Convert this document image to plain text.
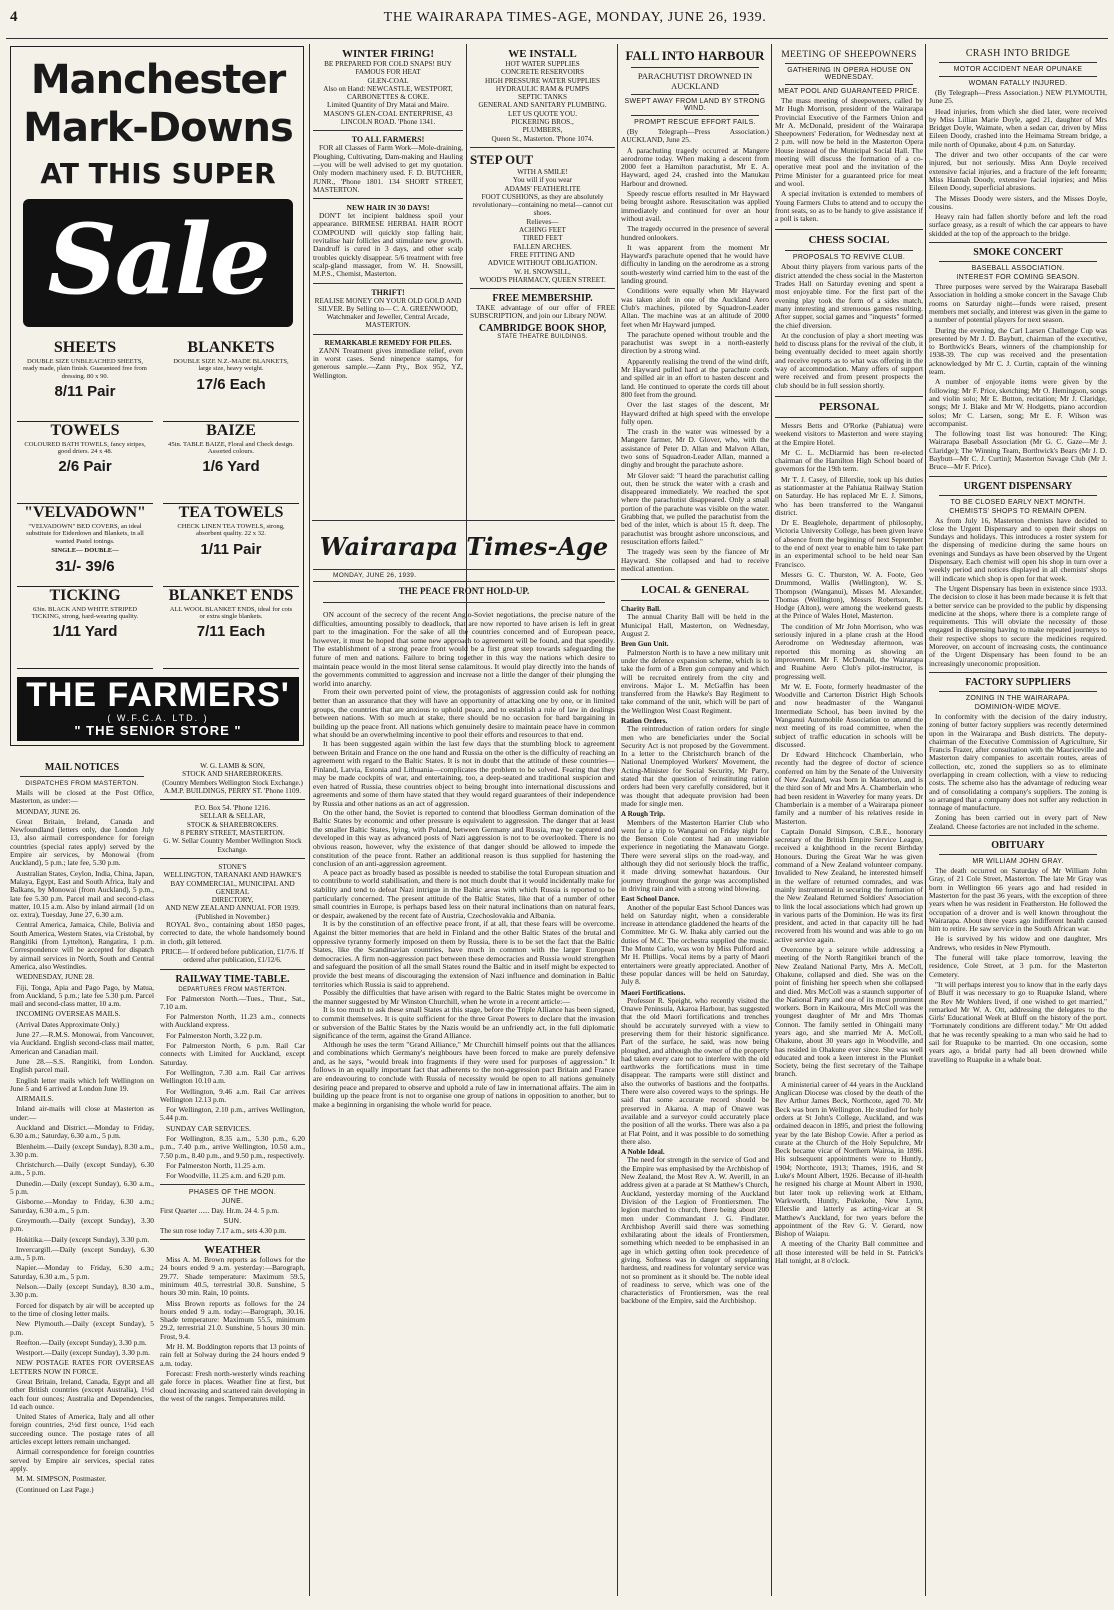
4	THE WAIRARAPA TIMES-AGE, MONDAY, JUNE 26, 1939.
Manchester
Mark-Downs
AT THIS SUPER
Sale
SHEETS
DOUBLE SIZE UNBLEACHED SHEETS, ready made, plain finish. Guaranteed free from dressing. 80 x 90.
8/11 Pair
BLANKETS
DOUBLE SIZE N.Z.-MADE BLANKETS, large size, heavy weight.
17/6 Each
TOWELS
COLOURED BATH TOWELS, fancy stripes, good driers. 24 x 48.
2/6 Pair
BAIZE
45in. TABLE BAIZE, Floral and Check design. Assorted colours.
1/6 Yard
"VELVADOWN"
"VELVADOWN" BED COVERS, an ideal substitute for Eiderdown and Blankets, in all wanted Pastel tonings.
SINGLE— DOUBLE—
31/- 39/6
TEA TOWELS
CHECK LINEN TEA TOWELS, strong, absorbent quality. 22 x 32.
1/11 Pair
TICKING
63in. BLACK AND WHITE STRIPED TICKING, strong, hard-wearing quality.
1/11 Yard
BLANKET ENDS
ALL WOOL BLANKET ENDS, ideal for cots or extra single blankets.
7/11 Each
THE FARMERS'
( W.F.C.A. LTD. )
" THE SENIOR STORE "
MAIL NOTICES
DISPATCHES FROM MASTERTON.

Mails will be closed at the Post Office, Masterton, as under:—

MONDAY, JUNE 26.

Great Britain, Ireland, Canada and Newfoundland (letters only, due London July 13, also airmail correspondence for foreign countries (special rates apply) served by the Empire air services, by Monowai (from Auckland), 5 p.m.; late fee, 5.30 p.m.

Australian States, Ceylon, India, China, Japan, Malaya, Egypt, East and South Africa, Italy and Balkans, by Monowai (from Auckland), 5 p.m., late fee 5.30 p.m. Parcel mail and second-class matter, 10.15 a.m. Also by inland airmail (1d on oz. extra), Tuesday, June 27, 6.30 a.m.

Central America, Jamaica, Chile, Bolivia and South America, Western States, via Cristobal, by Rangitiki (from Lyttelton), Rangatira, 1 p.m. Correspondence will be accepted for dispatch by airmail services in North, South and Central America, also Westindies.

WEDNESDAY, JUNE 28.

Fiji, Tonga, Apia and Pago Pago, by Matua, from Auckland, 5 p.m.; late fee 5.30 p.m. Parcel mail and second-class matter, 10 a.m.

INCOMING OVERSEAS MAILS.

(Arrival Dates Approximate Only.)

June 27.—R.M.S. Monowai, from Vancouver, via Auckland. English second-class mail matter, American and Canadian mail.

June 28.—S.S. Rangitiki, from London. English parcel mail.

English letter mails which left Wellington on June 5 and 6 arrived at London June 19.

AIRMAILS.

Inland air-mails will close at Masterton as under:—

Auckland and District.—Monday to Friday, 6.30 a.m.; Saturday, 6.30 a.m., 5 p.m.

Blenheim.—Daily (except Sunday), 8.30 a.m., 3.30 p.m.

Christchurch.—Daily (except Sunday), 6.30 a.m., 5 p.m.

Dunedin.—Daily (except Sunday), 6.30 a.m., 5 p.m.

Gisborne.—Monday to Friday, 6.30 a.m.; Saturday, 6.30 a.m., 5 p.m.

Greymouth.—Daily (except Sunday), 3.30 p.m.

Hokitika.—Daily (except Sunday), 3.30 p.m.

Invercargill.—Daily (except Sunday), 6.30 a.m., 5 p.m.

Napier.—Monday to Friday, 6.30 a.m.; Saturday, 6.30 a.m., 5 p.m.

Nelson.—Daily (except Sunday), 8.30 a.m., 3.30 p.m.

Forced for dispatch by air will be accepted up to the time of closing letter mails.

New Plymouth.—Daily (except Sunday), 5 p.m.

Reefton.—Daily (except Sunday), 3.30 p.m.

Westport.—Daily (except Sunday), 3.30 p.m.

NEW POSTAGE RATES FOR OVERSEAS LETTERS NOW IN FORCE.

Great Britain, Ireland, Canada, Egypt and all other British countries (except Australia), 1½d each four ounces; Australia and Dependencies, 1d each ounce.

United States of America, Italy and all other foreign countries, 2½d first ounce, 1½d each succeeding ounce. The postage rates of all articles except letters remain unchanged.

Airmail correspondence for foreign countries served by Empire air services, special rates apply.

M. M. SIMPSON, Postmaster.

(Continued on Last Page.)

WINTER FIRING!
BE PREPARED FOR COLD SNAPS! BUY FAMOUS FOR HEAT
GLEN-COAL
Also on Hand: NEWCASTLE, WESTPORT, CARBONETTES & COKE.
Limited Quantity of Dry Matai and Maire.
MASON'S GLEN-COAL ENTERPRISE, 43 LINCOLN ROAD. 'Phone 1341.
TO ALL FARMERS!

FOR all Classes of Farm Work—Mole-draining, Ploughing, Cultivating, Dam-making and Hauling—you will be well advised to get my quotation. Only modern machinery used. F. D. BUTCHER, JUNR., 'Phone 1801. 134 SHORT STREET, MASTERTON.

NEW HAIR IN 30 DAYS!

DON'T let incipient baldness spoil your appearance. BIRMESE HERBAL HAIR ROOT COMPOUND will quickly stop falling hair, revitalise hair follicles and stimulate new growth. Dandruff is cured in 3 days, and other scalp troubles quickly disappear. 5/6 treatment with free scalp-gland massager, from W. H. Snowsill, M.P.S., Chemist, Masterton.

THRIFT!

REALISE MONEY ON YOUR OLD GOLD AND SILVER. By Selling to— C. A. GREENWOOD, Watchmaker and Jeweller, Central Arcade, MASTERTON.

REMARKABLE REMEDY FOR PILES.

ZANN Treatment gives immediate relief, even in worst cases. Send ninepence stamps, for generous sample.—Zann Pty., Box 952, YZ, Wellington.

WE INSTALL
HOT WATER SUPPLIES
CONCRETE RESERVOIRS
HIGH PRESSURE WATER SUPPLIES
HYDRAULIC RAM & PUMPS
SEPTIC TANKS
GENERAL AND SANITARY PLUMBING.
LET US QUOTE YOU.
PICKERING BROS.,
PLUMBERS,
Queen St., Masterton. 'Phone 1074.
STEP OUT
WITH A SMILE!
You will if you wear
ADAMS' FEATHERLITE
FOOT CUSHIONS, as they are absolutely revolutionary—containing no metal—cannot cut shoes.
Relieves—
ACHING FEET
TIRED FEET
FALLEN ARCHES.
FREE FITTING AND
ADVICE WITHOUT OBLIGATION.
W. H. SNOWSILL,
WOOD'S PHARMACY, QUEEN STREET.
FREE MEMBERSHIP.

TAKE advantage of our offer of FREE SUBSCRIPTION, and join our Library NOW.

CAMBRIDGE BOOK SHOP,
STATE THEATRE BUILDINGS.
Wairarapa Times-Age
MONDAY, JUNE 26, 1939.
THE PEACE FRONT HOLD-UP.

ON account of the secrecy of the recent Anglo-Soviet negotiations, the precise nature of the difficulties, amounting possibly to deadlock, that are now reported to have arisen is left in great part to the imagination. For the sake of all the countries concerned and of European peace, however, it must be hoped that some new approach to agreement will be found, and that speedily. The establishment of a strong peace front would be a first great step towards safeguarding the future of men and nations. Failure to bring together in this way the nations which desire to maintain peace would in the most literal sense calamitous. It would play directly into the hands of the governments committed to aggression and increase not a little the danger of their plunging the world into anarchy.

From their own perverted point of view, the protagonists of aggression could ask for nothing better than an assurance that they will have an opportunity of attacking one by one, or in limited groups, the countries that are anxious to uphold peace, and to establish a rule of law in dealings between nations. With so much at stake, there should be no occasion for hard bargaining in building up the peace front. All nations which genuinely desire to maintain peace have in common what should be an overwhelming incentive to pool their efforts and resources to that end.

It has been suggested again within the last few days that the stumbling block to agreement between Britain and France on the one hand and Russia on the other is the difficulty of reaching an agreement with regard to the Baltic States. It is not in doubt that the attitude of these countries—Finland, Latvia, Estonia and Lithuania—complicates the problem to be solved. Fearing that they may be made cockpits of war, and entertaining, too, a deep-seated and traditional suspicion and even hatred of Russia, these countries object to being brought into international discussions and agreements and some of them have stated that they would regard guarantees of their independence by Russia and other nations as an act of aggression.

On the other hand, the Soviet is reported to contend that bloodless German domination of the Baltic States by economic and other pressure is equivalent to aggression. The danger that at least the smaller Baltic States, lying, with Poland, between Germany and Russia, may be captured and developed in this way as advanced posts of Nazi aggression is not to be overlooked. There is no obvious reason, however, why the existence of that danger should be allowed to impede the constitution of the peace front. Rather an additional reason is thus supplied for hastening the conclusion of an anti-aggression agreement.

A peace pact as broadly based as possible is needed to stabilise the total European situation and to contribute to world stabilisation, and there is not much doubt that it would incidentally make for stability and tend to defeat Nazi intrigue in the Baltic areas with which Russia is reported to be particularly concerned. The present attitude of the Baltic States, like that of a number of other small countries in Europe, is perhaps based less on their natural inclinations than on natural fears, or despair, awakened by the recent fate of Austria, Czechoslovakia and Albania.

It is by the constitution of an effective peace front, if at all, that these fears will be overcome. Against the bitter memories that are held in Finland and the other Baltic States of the brutal and oppressive tyranny formerly imposed on them by Russia, there is to be set the fact that the Baltic States, like the Scandinavian countries, have much in common with the larger European democracies. A firm non-aggression pact between these democracies and Russia would strengthen and safeguard the position of all the small States round the Baltic and in itself might be expected to provide the best means of discouraging the extension of Nazi influence and domination in Baltic territories which Russia is said to apprehend.

Possibly the difficulties that have arisen with regard to the Baltic States might be overcome in the manner suggested by Mr Winston Churchill, when he wrote in a recent article:—

It is too much to ask these small States at this stage, before the Triple Alliance has been signed, to commit themselves. It is quite sufficient for the three Great Powers to declare that the invasion or subversion of the Baltic States by the Nazis would be an unfriendly act, in the full diplomatic significance of the term, against the Grand Alliance.

Although he uses the term "Grand Alliance," Mr Churchill himself points out that the alliances and combinations which Germany's neighbours have been forced to make are purely defensive and, as he says, "would break into fragments if they were used for purposes of aggression." It follows in an equally important fact that adherents to the non-aggression pact Britain and France are endeavouring to conclude with Russia of necessity would be open to all nations genuinely desiring peace and prepared to observe and uphold a rule of law in international affairs. The aim in building up the peace front is not to organise one group of nations in opposition to another, but to make a beginning in organising the whole world for peace.

W. G. LAMB & SON,
STOCK AND SHAREBROKERS.
(Country Members Wellington Stock Exchange.)
A.M.P. BUILDINGS, PERRY ST. 'Phone 1109.
P.O. Box 54. 'Phone 1216.
SELLAR & SELLAR,
STOCK & SHAREBROKERS.
8 PERRY STREET, MASTERTON.
G. W. Sellar Country Member Wellington Stock Exchange.
STONE'S
WELLINGTON, TARANAKI AND HAWKE'S BAY COMMERCIAL, MUNICIPAL AND GENERAL
DIRECTORY,
AND NEW ZEALAND ANNUAL FOR 1939.
(Published in November.)

ROYAL 8vo., containing about 1850 pages, corrected to date, the whole handsomely bound in cloth, gilt lettered.

PRICE— If ordered before publication, £1/7/6. If ordered after publication, £1/12/6.

RAILWAY TIME-TABLE.
DEPARTURES FROM MASTERTON.

For Palmerston North.—Tues., Thur., Sat., 7.10 a.m.

For Palmerston North, 11.23 a.m., connects with Auckland express.

For Palmerston North, 3.22 p.m.

For Palmerston North, 6 p.m. Rail Car connects with Limited for Auckland, except Saturday.

For Wellington, 7.30 a.m. Rail Car arrives Wellington 10.10 a.m.

For Wellington, 9.46 a.m. Rail Car arrives Wellington 12.13 p.m.

For Wellington, 2.10 p.m., arrives Wellington, 5.44 p.m.

SUNDAY CAR SERVICES.

For Wellington, 8.35 a.m., 5.30 p.m., 6.20 p.m., 7.40 p.m., arrive Wellington, 10.50 a.m., 7.50 p.m., 8.40 p.m., and 9.50 p.m., respectively.

For Palmerston North, 11.25 a.m.

For Woodville, 11.25 a.m. and 6.20 p.m.

PHASES OF THE MOON.
JUNE.

First Quarter ...... Day. Hr.m. 24 4. 5 p.m.

SUN.

The sun rose today 7.17 a.m., sets 4.30 p.m.

WEATHER

Miss A. M. Brown reports as follows for the 24 hours ended 9 a.m. yesterday:—Barograph, 29.77. Shade temperature: Maximum 59.5, minimum 40.5, terrestrial 30.8. Sunshine, 5 hours 30 min. Rain, 10 points.

Miss Brown reports as follows for the 24 hours ended 9 a.m. today:—Barograph, 30.16. Shade temperature: Maximum 55.5, minimum 29.2, terrestrial 21.0. Sunshine, 5 hours 30 min. Frost, 9.4.

Mr H. M. Boddington reports that 13 points of rain fell at Solway during the 24 hours ended 9 a.m. today.

Forecast: Fresh north-westerly winds reaching gale force in places. Weather fine at first, but cloud increasing and scattered rain developing in the west of the ranges. Temperatures mild.

FALL INTO HARBOUR
PARACHUTIST DROWNED IN AUCKLAND
SWEPT AWAY FROM LAND BY STRONG WIND.
PROMPT RESCUE EFFORT FAILS.

(By Telegraph—Press Association.) AUCKLAND, June 25.

A parachuting tragedy occurred at Mangere aerodrome today. When making a descent from 2000 feet a Hamilton parachutist, Mr E. A. Hayward, aged 24, crashed into the Manukau Harbour and drowned.

Speedy rescue efforts resulted in Mr Hayward being brought ashore. Resuscitation was applied immediately and continued for over an hour without avail.

The tragedy occurred in the presence of several hundred onlookers.

It was apparent from the moment Mr Hayward's parachute opened that he would have difficulty in landing on the aerodrome as a strong south-westerly wind carried him to the east of the landing ground.

Conditions were equally when Mr Hayward was taken aloft in one of the Auckland Aero Club's machines, piloted by Squadron-Leader Allan. The machine was at an altitude of 2000 feet when Mr Hayward jumped.

The parachute opened without trouble and the parachutist was swept in a north-easterly direction by a strong wind.

Apparently realising the trend of the wind drift, Mr Hayward pulled hard at the parachute cords and spilled air in an effort to hasten descent and land. He continued to operate the cords till about 800 feet from the ground.

Over the last stages of the descent, Mr Hayward drifted at high speed with the envelope fully open.

The crash in the water was witnessed by a Mangere farmer, Mr D. Glover, who, with the assistance of Peter D. Allan and Malvon Allan, two sons of Squadron-Leader Allan, manned a dinghy and brought the parachute ashore.

Mr Glover said: "I heard the parachutist calling out, then he struck the water with a crash and disappeared immediately. We reached the spot where the parachutist disappeared. Only a small portion of the parachute was visible on the water. Grabbing that, we pulled the parachutist from the bed of the inlet, which is about 15 ft. deep. The parachutist was brought ashore unconscious, and resuscitation efforts failed."

The tragedy was seen by the fiancee of Mr Hayward. She collapsed and had to receive medical attention.

LOCAL & GENERAL
Charity Ball.

The annual Charity Ball will be held in the Municipal Hall, Masterton, on Wednesday, August 2.

Bren Gun Unit.

Palmerston North is to have a new military unit under the defence expansion scheme, which is to take the form of a Bren gun company and which will be recruited entirely from the city and environs. Major L. M. McGaffin has been transferred from the Hawke's Bay Regiment to take command of the unit, which will be part of the Wellington West Coast Regiment.

Ration Orders.

The reintroduction of ration orders for single men who are beneficiaries under the Social Security Act is not proposed by the Government. In a letter to the Christchurch branch of the National Unemployed Workers' Movement, the Acting-Minister for Social Security, Mr Parry, stated that the question of reinstituting ration orders had been very carefully considered, but it was thought that adequate provision had been made for single men.

A Rough Trip.

Members of the Masterton Harrier Club who went for a trip to Wanganui on Friday night for the Benson Cole contest had an unenviable experience in negotiating the Manawatu Gorge. There were several slips on the road-way, and although they did not seriously block the traffic, it made driving somewhat hazardous. Our journey throughout the gorge was accomplished in driving rain and with a strong wind blowing.

East School Dance.

Another of the popular East School Dances was held on Saturday night, when a considerable increase in attendance gladdened the hearts of the Committee. Mr G. W. Ihaka ably carried out the duties of M.C. The orchestra supplied the music. The Monte Carlo, was won by Miss Pulford and Mr H. Phillips. Vocal items by a party of Maori entertainers were greatly appreciated. Another of these popular dances will be held on Saturday, July 8.

Maori Fortifications.

Professor R. Speight, who recently visited the Onawe Peninsula, Akaroa Harbour, has suggested that the old Maori fortifications and trenches should be accurately surveyed with a view to preserving them for their historic significance. Part of the surface, he said, was now being ploughed, and although the owner of the property had taken every care not to interfere with the old earthworks the fortifications must in time disappear. The ramparts were still distinct and also the outworks of bastions and the footpaths. There were also covered ways to the springs. He said that some accurate record should be preserved in Akaroa. A map of Onawe was available and a surveyor could accurately place the position of all the works. There was also a pa at Flat Point, and it was possible to do something there also.

A Noble Ideal.

The need for strength in the service of God and the Empire was emphasised by the Archbishop of New Zealand, the Most Rev A. W. Averill, in an address given at a parade at St Matthew's Church, Auckland, yesterday morning of the Auckland Division of the Legion of Frontiersmen. The legion marched to church, there being about 200 men under Commandant J. G. Findlater. Archbishop Averill said there was something exhilarating about the ideals of Frontiersmen, something which needed to be emphasised in an age in which getting often took precedence of giving. Softness was in danger of supplanting hardness, and readiness for voluntary service was not so prominent as it should be. The noble ideal of readiness to serve, which was one of the characteristics of Frontiersmen, was the real backbone of the Empire, said the Archbishop.

MEETING OF SHEEPOWNERS
GATHERING IN OPERA HOUSE ON WEDNESDAY.
MEAT POOL AND GUARANTEED PRICE.

The mass meeting of sheepowners, called by Mr Hugh Morrison, president of the Wairarapa Provincial Executive of the Farmers Union and Mr A. McDonald, president of the Wairarapa Sheepowners' Federation, for Wednesday next at 2 p.m. will now be held in the Masterton Opera House instead of the Municipal Social Hall. The meeting will discuss the formation of a co-operative meat pool and the invitation of the Prime Minister for a guaranteed price for meat and wool.

A special invitation is extended to members of Young Farmers Clubs to attend and to occupy the front seats, so as to be handy to give assistance if a poll is taken.

CHESS SOCIAL
PROPOSALS TO REVIVE CLUB.

About thirty players from various parts of the district attended the chess social in the Masterton Trades Hall on Saturday evening and spent a most enjoyable time. For the first part of the evening play took the form of a sides match, many interesting and strenuous games resulting. After supper, social games and "inquests" formed the chief diversion.

At the conclusion of play a short meeting was held to discuss plans for the revival of the club, it being eventually decided to meet again shortly and receive reports as to what was offering in the way of accommodation. Many offers of support were received and from present prospects the club should be in full session shortly.

PERSONAL

Messrs Betts and O'Rorke (Pahiatua) were weekend visitors to Masterton and were staying at the Empire Hotel.

Mr C. L. McDiarmid has been re-elected chairman of the Hamilton High School board of governors for the 19th term.

Mr T. J. Casey, of Ellerslie, took up his duties as stationmaster at the Pahiatua Railway Station on Saturday. He has replaced Mr E. J. Simons, who has been transferred to the Wanganui district.

Dr E. Beaglehole, department of philosophy, Victoria University College, has been given leave of absence from the beginning of next September to the end of next year to enable him to take part in an experimental school to be held near San Francisco.

Messrs G. C. Thurston, W. A. Foote, Geo Drummond, Wallis (Wellington), W. S. Thompson (Wanganui), Misses M. Alexander, Thomas (Wellington), Messrs Robertson, R. Hodge (Alton), were among the weekend guests at the Prince of Wales Hotel, Masterton.

The condition of Mr John Morrison, who was seriously injured in a plane crash at the Hood Aerodrome on Wednesday afternoon, was reported this morning as showing an improvement. Mr F. McDonald, the Wairarapa and Ruahine Aero Club's pilot-instructor, is progressing well.

Mr W. E. Foote, formerly headmaster of the Woodville and Carterton District High Schools and now headmaster of the Wanganui Intermediate School, has been invited by the Wanganui Automobile Association to attend the next meeting of its road committee, when the subject of traffic education in schools will be discussed.

Dr Edward Hitchcock Chamberlain, who recently had the degree of doctor of science conferred on him by the Senate of the University of New Zealand, was born in Masterton, and is the third son of Mr and Mrs A. Chamberlain who had been resident in Waverley for many years. Dr Chamberlain is a member of a Wairarapa pioneer family and a number of his relatives reside in Masterton.

Captain Donald Simpson, C.B.E., honorary secretary of the British Empire Service League, received a knighthood in the recent Birthday Honours. During the Great War he was given command of a New Zealand volunteer company. Invalided to New Zealand, he interested himself in the welfare of returned comrades, and was mainly instrumental in securing the formation of the New Zealand Returned Soldiers' Association to link the local associations which had grown up in various parts of the Dominion. He was its first president, and acted in that capacity till he had recovered from his wound and was able to go on active service again.

Overcome by a seizure while addressing a meeting of the North Rangitikei branch of the New Zealand National Party, Mrs A. McColl, Ohakune, collapsed and died. She was on the point of finishing her speech when she collapsed and died. Mrs McColl was a staunch supporter of the National Party and one of its most prominent workers. Born in Kaikoura, Mrs McColl was the youngest daughter of Mr and Mrs Thomas Connon. The family settled in Ohingaiti many years ago, and she married Mr A. McColl, Ohakune, about 30 years ago in Woodville, and has resided in Ohakune ever since. She was well educated and took a keen interest in the Plunket Society, being the first secretary of the Taihape branch.

A ministerial career of 44 years in the Auckland Anglican Diocese was closed by the death of the Rev Arthur James Beck, Northcote, aged 70. Mr Beck was born in Wellington. He studied for holy orders at St John's College, Auckland, and was ordained deacon in 1895, and priest the following year by the late Bishop Cowie. After a period as curate at the Church of the Holy Sepulchre, Mr Beck became vicar of Northern Wairoa, in 1896. His subsequent appointments were to Huntly, 1904; Northcote, 1913; Thames, 1916, and St Luke's Mount Albert, 1926. Because of ill-health he resigned his charge at Mount Albert in 1930, but later took up relieving work at Eltham, Warkworth, Huntly, Pukekohe, New Lynn, Ellerslie and latterly as acting-vicar at St Matthew's Auckland, for two years before the appointment of the Rev G. V. Gerard, now Bishop of Waiapu.

A meeting of the Charity Ball committee and all those interested will be held in St. Patrick's Hall tonight, at 8 o'clock.

CRASH INTO BRIDGE
MOTOR ACCIDENT NEAR OPUNAKE
WOMAN FATALLY INJURED.

(By Telegraph—Press Association.) NEW PLYMOUTH, June 25.

Head injuries, from which she died later, were received by Miss Lillian Marie Doyle, aged 21, daughter of Mrs Bridget Doyle, Waimate, when a sedan car, driven by Miss Eileen Doody, crashed into the Heimama Stream bridge, a mile north of Opunake, about 4 p.m. on Saturday.

The driver and two other occupants of the car were injured, but not seriously. Miss Ann Doyle received extensive facial injuries, and a fracture of the left forearm; Miss Hannah Doody, extensive facial injuries; and Miss Eileen Doody, superficial abrasions.

The Misses Doody were sisters, and the Misses Doyle, cousins.

Heavy rain had fallen shortly before and left the road surface greasy, as a result of which the car appears to have skidded at the top of the approach to the bridge.

SMOKE CONCERT
BASEBALL ASSOCIATION.
INTEREST FOR COMING SEASON.

Three purposes were served by the Wairarapa Baseball Association in holding a smoke concert in the Savage Club rooms on Saturday night—funds were raised, present members met socially, and interest was given in the game to a number of potential players for next season.

During the evening, the Carl Larsen Challenge Cup was presented by Mr J. D. Baybutt, chairman of the executive, to Borthwick's Bears, winners of the championship for 1938-39. The cup was received and the presentation acknowledged by Mr C. J. Curtin, captain of the winning team.

A number of enjoyable items were given by the following: Mr F. Price, sketching; Mr O. Hemingson, songs and violin solo; Mr E. Button, recitation; Mr J. Claridge, songs; Mr J. Blake and Mr W. Hodgetts, piano accordion solos; Mr C. Larsen, song; Mr E. F. Wilson was accompanist.

The following toast list was honoured: The King; Wairarapa Baseball Association (Mr G. C. Gaze—Mr J. Claridge); The Winning Team, Borthwick's Bears (Mr J. D. Baybutt—Mr C. J. Curtin); Masterton Savage Club (Mr J. Bruce—Mr F. Price).

URGENT DISPENSARY
TO BE CLOSED EARLY NEXT MONTH.
CHEMISTS' SHOPS TO REMAIN OPEN.

As from July 16, Masterton chemists have decided to close the Urgent Dispensary and to open their shops on Sundays and holidays. This introduces a roster system for the dispensing of medicine during the same hours on evenings and Sundays as have been observed by the Urgent Dispensary. Each chemist will open his shop in turn over a weekly period and notices displayed in all chemists' shops will indicate which shop is open for that week.

The Urgent Dispensary has been in existence since 1933. The decision to close it has been made because it is felt that a better service can be provided to the public by dispensing medicine at the shops, where there is a complete range of requirements. This will obviate the necessity of those engaged in dispensing having to make repeated journeys to their respective shops to secure the medicines required. Moreover, on account of increasing costs, the continuance of the Urgent Dispensary has been found to be an increasingly uneconomic proposition.

FACTORY SUPPLIERS
ZONING IN THE WAIRARAPA.
DOMINION-WIDE MOVE.

In conformity with the decision of the dairy industry, zoning of butter factory suppliers was recently determined upon in the Wairarapa and Bush districts. The deputy-chairman of the Executive Commission of Agriculture, Sir Francis Frazer, after consultation with the Mauriceville and Masterton dairy companies to ascertain routes, areas of collection, etc, zoned the suppliers so as to eliminate overlapping in cream collection, with a view to reducing costs. The scheme also has the advantage of reducing wear and of consolidating a company's suppliers. The zoning is so arranged that a company does not suffer any reduction in tonnage of manufacture.

Zoning has been carried out in every part of New Zealand. Cheese factories are not included in the scheme.

OBITUARY
MR WILLIAM JOHN GRAY.

The death occurred on Saturday of Mr William John Gray, of 21 Cole Street, Masterton. The late Mr Gray was born in Wellington 66 years ago and had resided in Masterton for the past 36 years, with the exception of three years when he was resident in Featherston. He followed the occupation of a drover and is well known throughout the Wairarapa. About three years ago indifferent health caused him to retire. He saw service in the South African war.

He is survived by his widow and one daughter, Mrs Andrews, who resides in New Plymouth.

The funeral will take place tomorrow, leaving the residence, Cole Street, at 3 p.m. for the Masterton Cemetery.

"It will perhaps interest you to know that in the early days of Bluff it was necessary to go to Ruapuke Island, where the Rev Mr Wohlers lived, if one wished to get married," remarked Mr W. A. Ott, addressing the delegates to the Girls' Educational Week at Bluff on the history of the port. "Fortunately conditions are different today." Mr Ott added that he was recently speaking to a man who said he had to sail for Ruapuke to be married. On one occasion, some years ago, a bridal party had all been drowned while travelling to Ruapuke in a whale boat.
